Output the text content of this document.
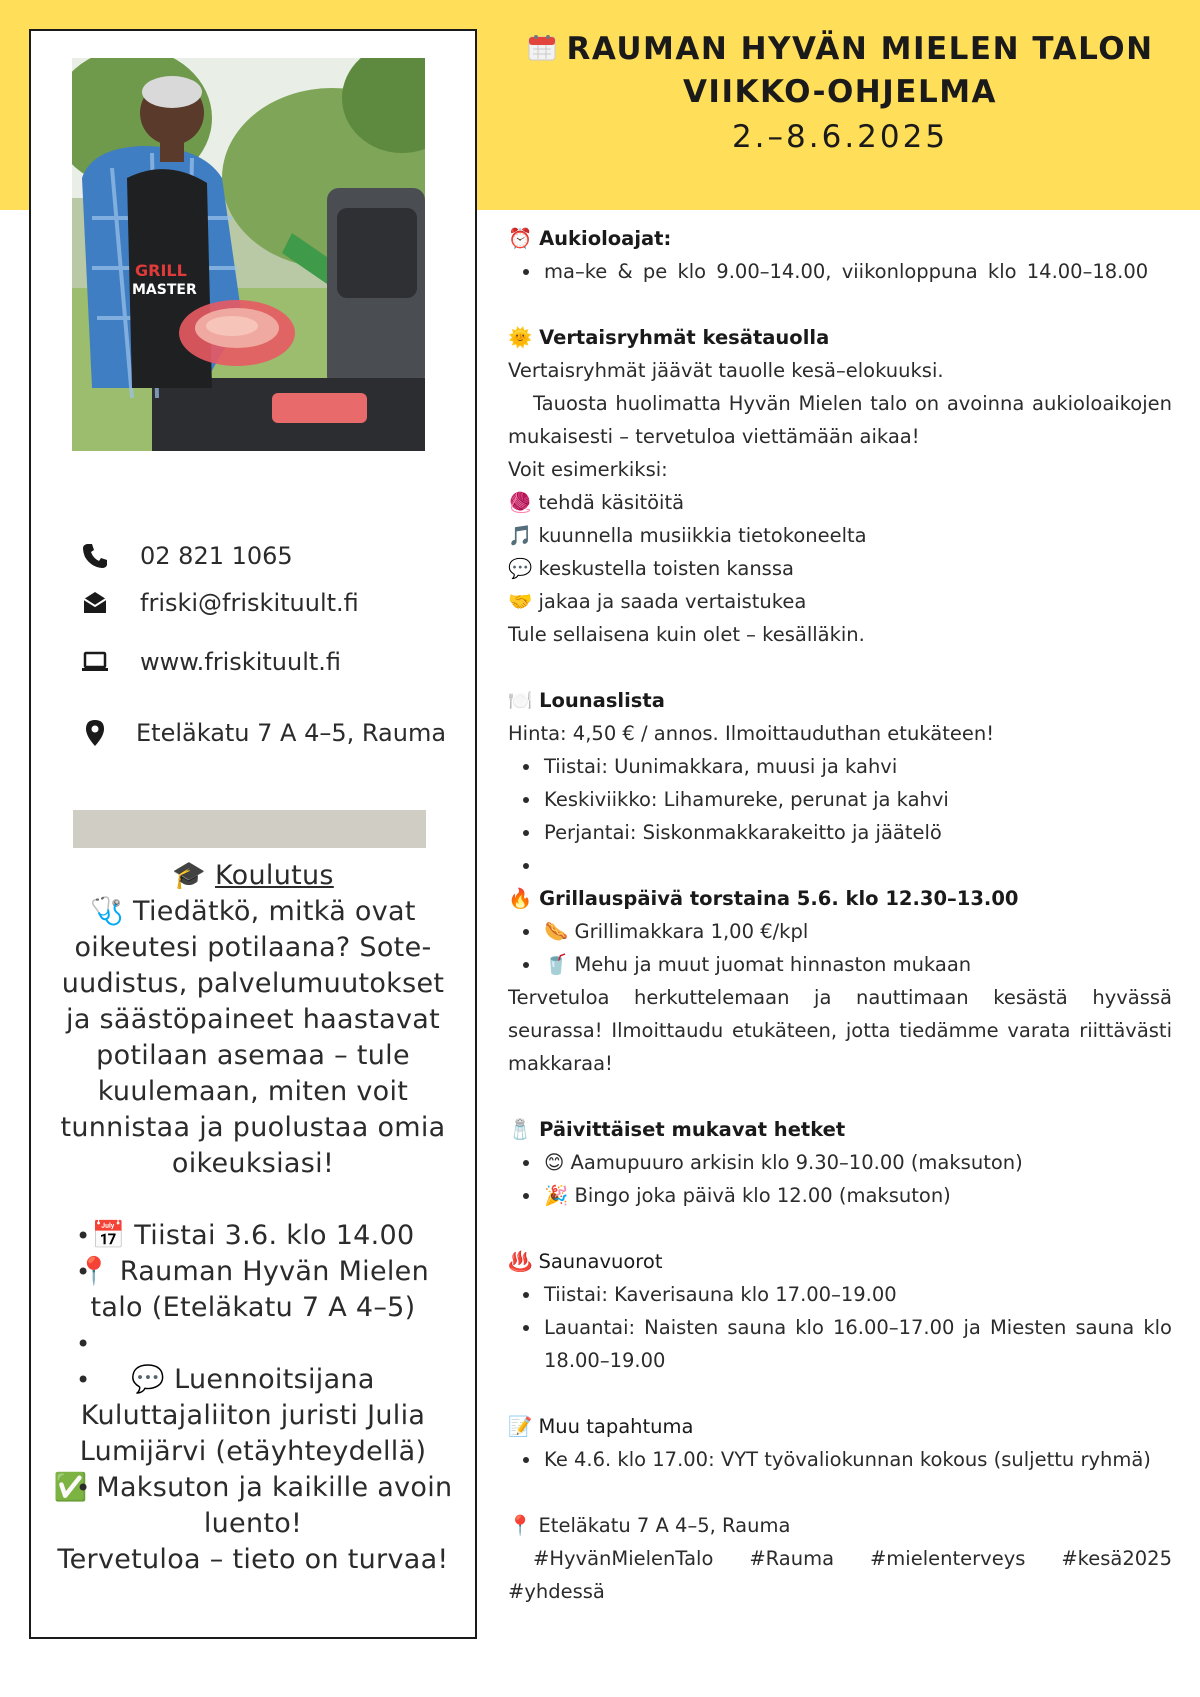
GRILL
MASTER
02 821 1065
friski@friskituult.fi
www.friskituult.fi
Eteläkatu 7 A 4–5, Rauma
🎓 Koulutus
🩺 Tiedätkö, mitkä ovat oikeutesi potilaana? Sote-uudistus, palvelumuutokset ja säästöpaineet haastavat potilaan asemaa – tule kuulemaan, miten voit tunnistaa ja puolustaa omia oikeuksiasi!
• 📅 Tiistai 3.6. klo 14.00
• 📍 Rauman Hyvän Mielen talo (Eteläkatu 7 A 4–5)
•
• 💬 Luennoitsijana Kuluttajaliiton juristi Julia Lumijärvi (etäyhteydellä)
• ✅ Maksuton ja kaikille avoin luento!
Tervetuloa – tieto on turvaa!
RAUMAN HYVÄN MIELEN TALON
VIIKKO-OHJELMA
2.–8.6.2025

⏰ Aukioloajat:

• ma–ke & pe klo 9.00–14.00, viikonloppuna klo 14.00–18.00

🌞 Vertaisryhmät kesätauolla

Vertaisryhmät jäävät tauolle kesä–elokuuksi.

Tauosta huolimatta Hyvän Mielen talo on avoinna aukioloaikojen mukaisesti – tervetuloa viettämään aikaa!

Voit esimerkiksi:

🧶 tehdä käsitöitä

🎵 kuunnella musiikkia tietokoneelta

💬 keskustella toisten kanssa

🤝 jakaa ja saada vertaistukea

Tule sellaisena kuin olet – kesälläkin.

🍽️ Lounaslista

Hinta: 4,50 € / annos. Ilmoittauduthan etukäteen!

• Tiistai: Uunimakkara, muusi ja kahvi
• Keskiviikko: Lihamureke, perunat ja kahvi
• Perjantai: Siskonmakkarakeitto ja jäätelö
•

🔥 Grillauspäivä torstaina 5.6. klo 12.30–13.00

• 🌭 Grillimakkara 1,00 €/kpl
• 🥤 Mehu ja muut juomat hinnaston mukaan

Tervetuloa herkuttelemaan ja nauttimaan kesästä hyvässä seurassa! Ilmoittaudu etukäteen, jotta tiedämme varata riittävästi makkaraa!

🧂 Päivittäiset mukavat hetket

• 😊 Aamupuuro arkisin klo 9.30–10.00 (maksuton)
• 🎉 Bingo joka päivä klo 12.00 (maksuton)

♨️ Saunavuorot

• Tiistai: Kaverisauna klo 17.00–19.00
• Lauantai: Naisten sauna klo 16.00–17.00 ja Miesten sauna klo 18.00–19.00

📝 Muu tapahtuma

• Ke 4.6. klo 17.00: VYT työvaliokunnan kokous (suljettu ryhmä)

📍 Eteläkatu 7 A 4–5, Rauma

#HyvänMielenTalo #Rauma #mielenterveys #kesä2025 #yhdessä
